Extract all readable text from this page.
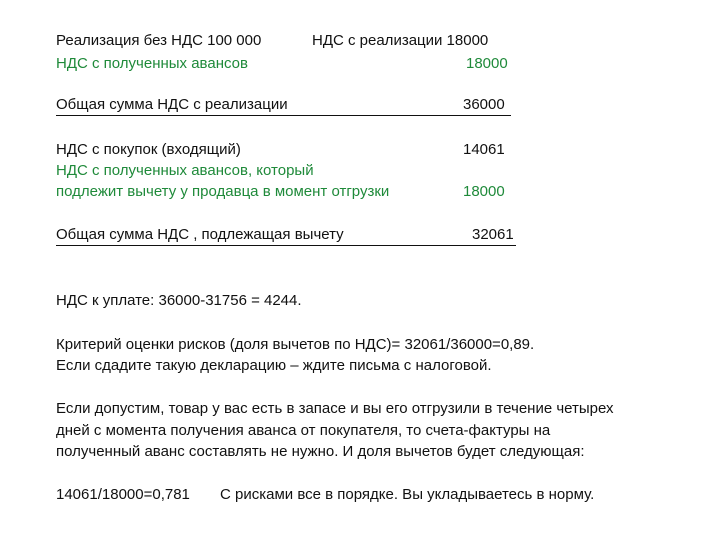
Реализация без НДС 100 000	НДС с реализации 18000
НДС с полученных авансов	18000
Общая сумма НДС с реализации	36000
НДС с покупок (входящий)	14061
НДС с полученных авансов, который
подлежит вычету у продавца в момент отгрузки	18000
Общая сумма НДС , подлежащая вычету	32061
НДС к уплате: 36000-31756 = 4244.
Критерий оценки рисков (доля вычетов по НДС)= 32061/36000=0,89.
Если сдадите такую декларацию – ждите письма с налоговой.
Если допустим, товар у вас есть в запасе и вы его отгрузили в течение четырех
дней с момента получения аванса от покупателя, то счета-фактуры на
полученный аванс составлять не нужно. И доля вычетов будет следующая:
14061/18000=0,781 С рисками все в порядке. Вы укладываетесь в норму.
